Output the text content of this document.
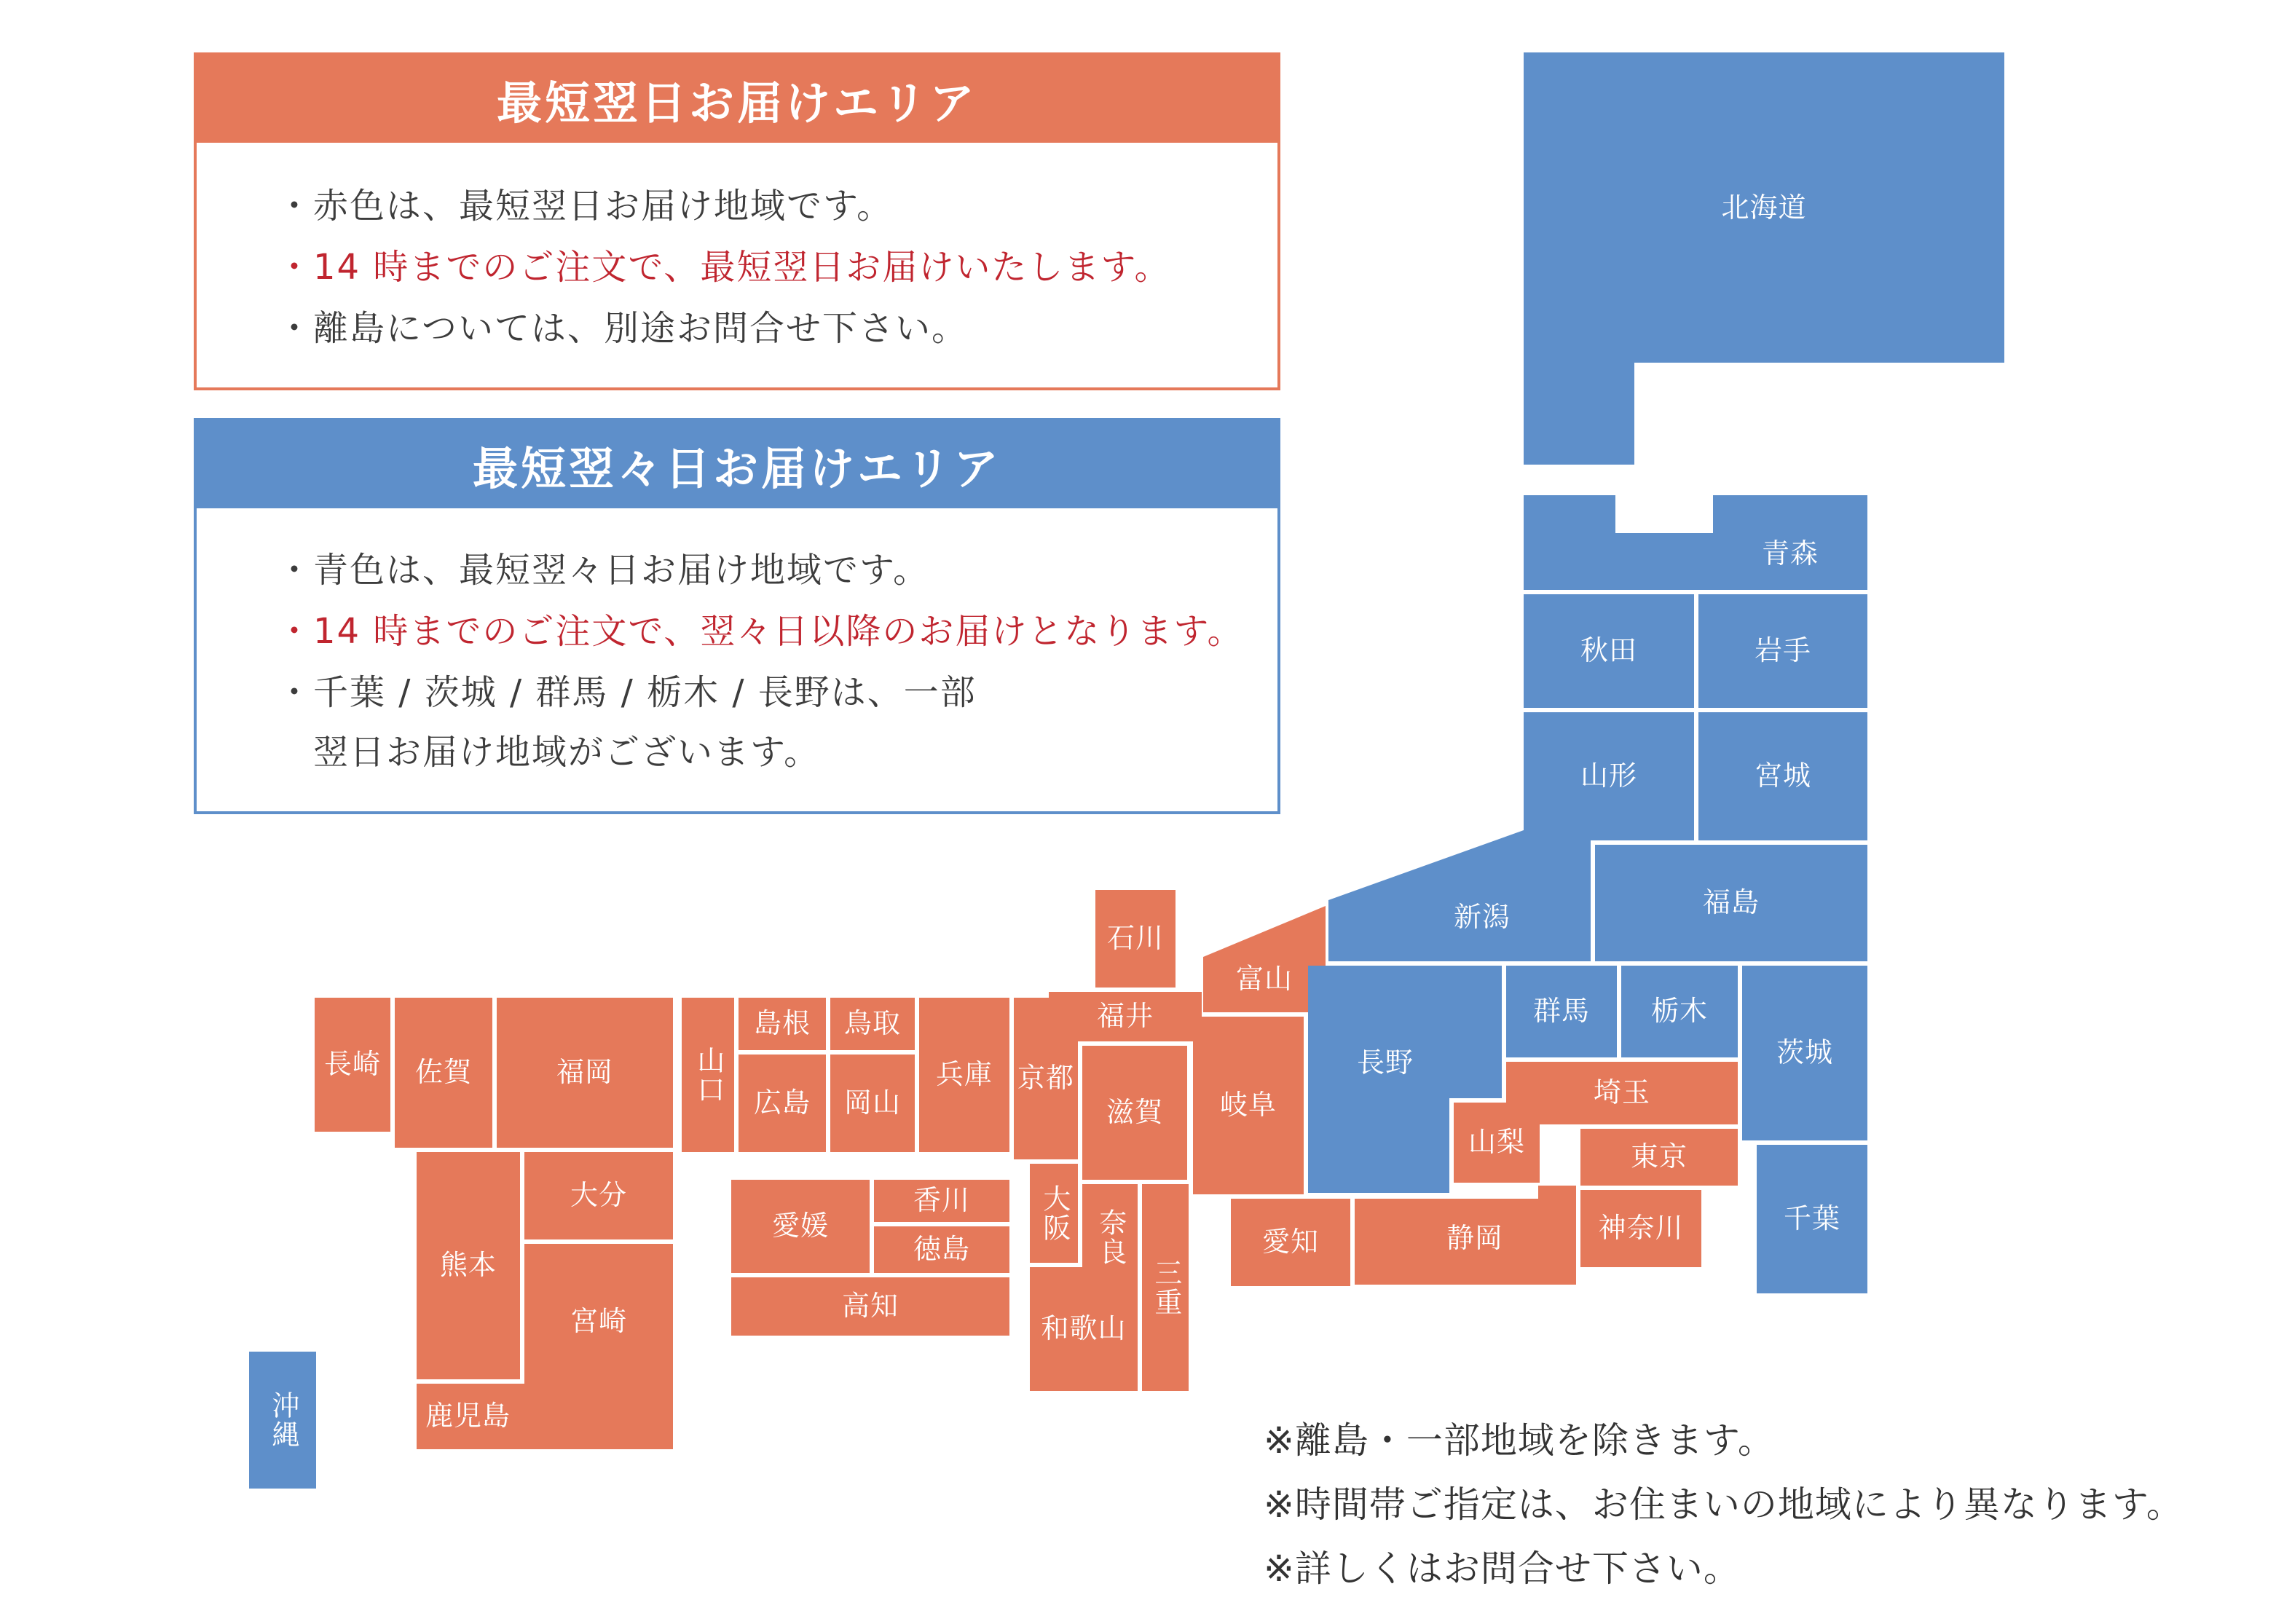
最短翌日お届けエリア
・赤色は、最短翌日お届け地域です。
・14 時までのご注文で、最短翌日お届けいたします。
・離島については、別途お問合せ下さい。
最短翌々日お届けエリア
・青色は、最短翌々日お届け地域です。
・14 時までのご注文で、翌々日以降のお届けとなります。
・千葉 / 茨城 / 群馬 / 栃木 / 長野は、一部
翌日お届け地域がございます。
北海道
青森
秋田	岩手
山形	宮城
新潟	福島
長野
群馬	栃木
茨城
埼玉
山梨	東京
千葉
神奈川
静岡
愛知
岐阜
富山
石川
福井
京都
滋賀
大阪 奈良
三重
和歌山
兵庫
島根	鳥取
広島	岡山
山口
愛媛
香川
徳島
高知
長崎	佐賀	福岡
熊本
大分
宮崎
鹿児島
沖縄	※離島・一部地域を除きます。
※時間帯ご指定は、お住まいの地域により異なります。
※詳しくはお問合せ下さい。
